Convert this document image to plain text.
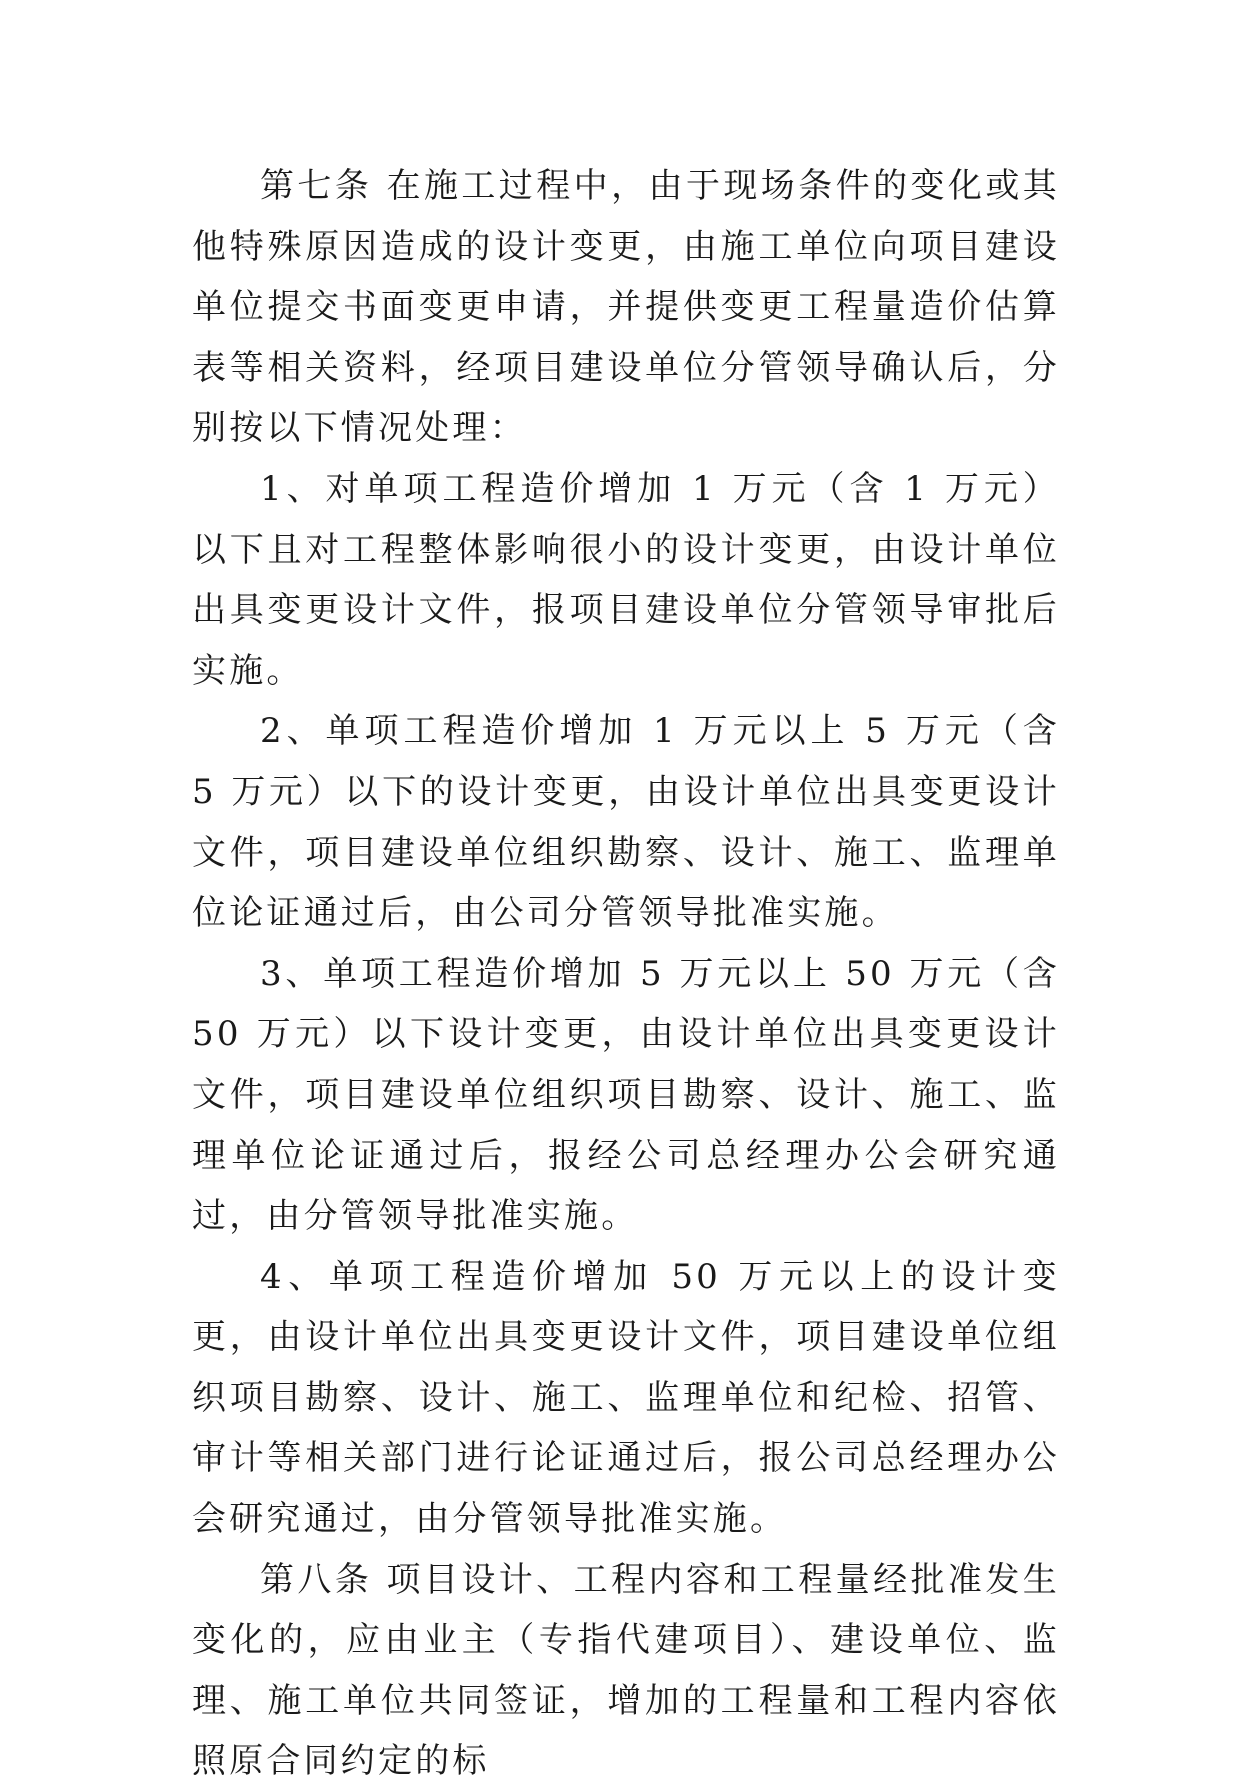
第七条 在施工过程中，由于现场条件的变化或其他特殊原因造成的设计变更，由施工单位向项目建设单位提交书面变更申请，并提供变更工程量造价估算表等相关资料，经项目建设单位分管领导确认后，分别按以下情况处理：

1、对单项工程造价增加 1 万元（含 1 万元）以下且对工程整体影响很小的设计变更，由设计单位出具变更设计文件，报项目建设单位分管领导审批后实施。

2、单项工程造价增加 1 万元以上 5 万元（含 5 万元）以下的设计变更，由设计单位出具变更设计文件，项目建设单位组织勘察、设计、施工、监理单位论证通过后，由公司分管领导批准实施。

3、单项工程造价增加 5 万元以上 50 万元（含 50 万元）以下设计变更，由设计单位出具变更设计文件，项目建设单位组织项目勘察、设计、施工、监理单位论证通过后，报经公司总经理办公会研究通过，由分管领导批准实施。

4、单项工程造价增加 50 万元以上的设计变更，由设计单位出具变更设计文件，项目建设单位组织项目勘察、设计、施工、监理单位和纪检、招管、审计等相关部门进行论证通过后，报公司总经理办公会研究通过，由分管领导批准实施。

第八条 项目设计、工程内容和工程量经批准发生变化的，应由业主（专指代建项目）、建设单位、监理、施工单位共同签证，增加的工程量和工程内容依照原合同约定的标
